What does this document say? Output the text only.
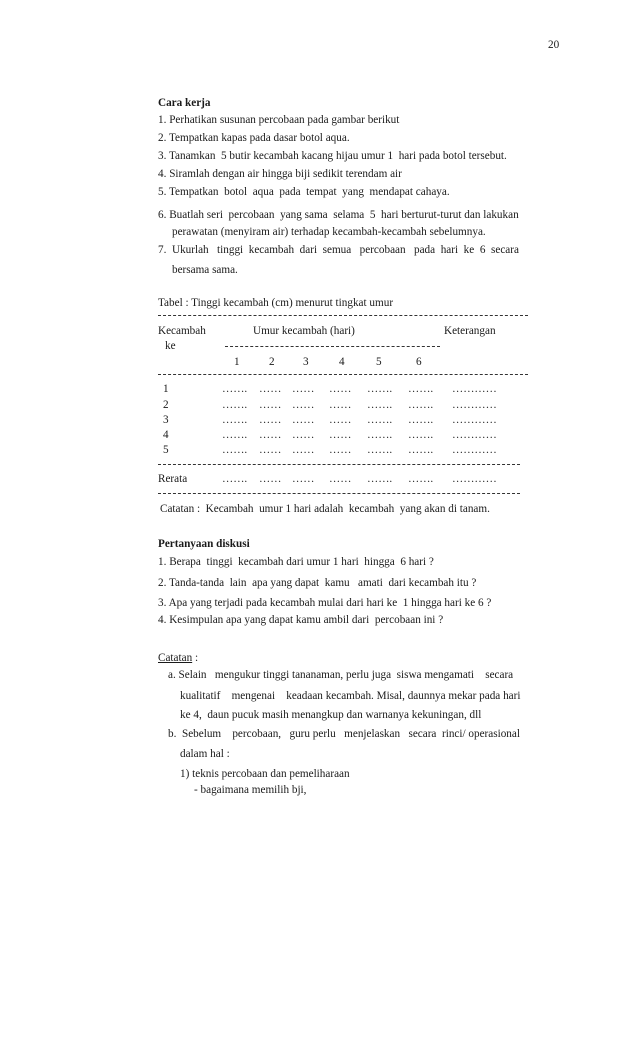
20
Cara kerja
1. Perhatikan susunan percobaan pada gambar berikut
2. Tempatkan kapas pada dasar botol aqua.
3. Tanamkan  5 butir kecambah kacang hijau umur 1  hari pada botol tersebut.
4. Siramlah dengan air hingga biji sedikit terendam air
5. Tempatkan  botol  aqua  pada  tempat  yang  mendapat cahaya.
6. Buatlah seri  percobaan  yang sama  selama  5  hari berturut-turut dan lakukan
perawatan (menyiram air) terhadap kecambah-kecambah sebelumnya.
7.  Ukurlah   tinggi  kecambah  dari  semua   percobaan   pada  hari  ke  6  secara
bersama sama.
Tabel : Tinggi kecambah (cm) menurut tingkat umur
Kecambah	Umur kecambah (hari)	Keterangan
ke
1	2	3	4	5	6
1	……. …… …… …… ……. ……. …………
2	……. …… …… …… ……. ……. …………
3	……. …… …… …… ……. ……. …………
4	……. …… …… …… ……. ……. …………
5	……. …… …… …… ……. ……. …………
Rerata	……. …… …… …… ……. ……. …………
Catatan :  Kecambah  umur 1 hari adalah  kecambah  yang akan di tanam.
Pertanyaan diskusi
1. Berapa  tinggi  kecambah dari umur 1 hari  hingga  6 hari ?
2. Tanda-tanda  lain  apa yang dapat  kamu   amati  dari kecambah itu ?
3. Apa yang terjadi pada kecambah mulai dari hari ke  1 hingga hari ke 6 ?
4. Kesimpulan apa yang dapat kamu ambil dari  percobaan ini ?
Catatan :
a. Selain   mengukur tinggi tananaman, perlu juga  siswa mengamati    secara
kualitatif    mengenai    keadaan kecambah. Misal, daunnya mekar pada hari
ke 4,  daun pucuk masih menangkup dan warnanya kekuningan, dll
b.  Sebelum    percobaan,   guru perlu   menjelaskan   secara  rinci/ operasional
dalam hal :
1) teknis percobaan dan pemeliharaan
- bagaimana memilih bji,
